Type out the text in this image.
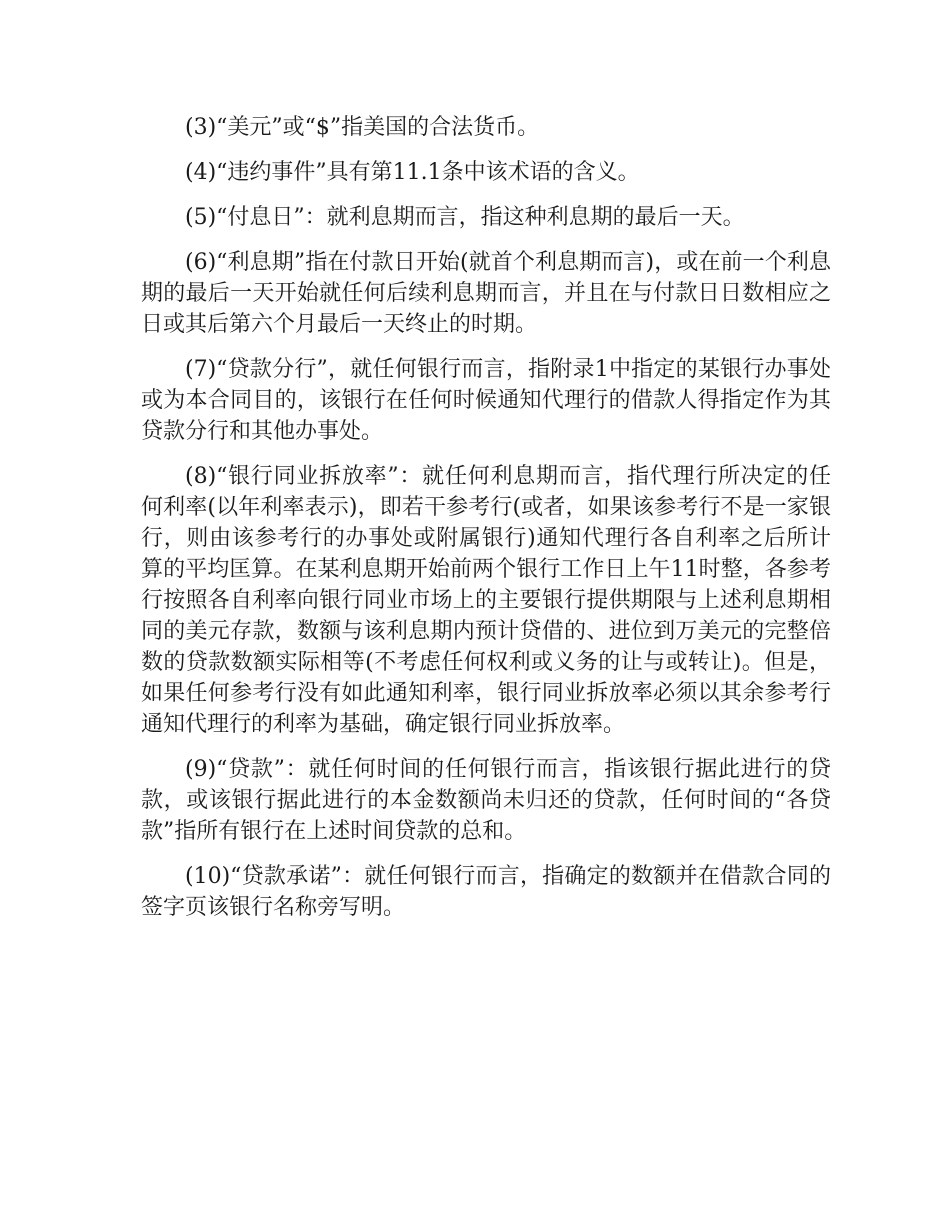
(3)“美元”或“$”指美国的合法货币。

(4)“违约事件”具有第11.1条中该术语的含义。

(5)“付息日”：就利息期而言，指这种利息期的最后一天。

(6)“利息期”指在付款日开始(就首个利息期而言)，或在前一个利息期的最后一天开始就任何后续利息期而言，并且在与付款日日数相应之日或其后第六个月最后一天终止的时期。

(7)“贷款分行”，就任何银行而言，指附录1中指定的某银行办事处或为本合同目的，该银行在任何时候通知代理行的借款人得指定作为其贷款分行和其他办事处。

(8)“银行同业拆放率”：就任何利息期而言，指代理行所决定的任何利率(以年利率表示)，即若干参考行(或者，如果该参考行不是一家银行，则由该参考行的办事处或附属银行)通知代理行各自利率之后所计算的平均匡算。在某利息期开始前两个银行工作日上午11时整，各参考行按照各自利率向银行同业市场上的主要银行提供期限与上述利息期相同的美元存款，数额与该利息期内预计贷借的、进位到万美元的完整倍数的贷款数额实际相等(不考虑任何权利或义务的让与或转让)。但是，如果任何参考行没有如此通知利率，银行同业拆放率必须以其余参考行通知代理行的利率为基础，确定银行同业拆放率。

(9)“贷款”：就任何时间的任何银行而言，指该银行据此进行的贷款，或该银行据此进行的本金数额尚未归还的贷款，任何时间的“各贷款”指所有银行在上述时间贷款的总和。

(10)“贷款承诺”：就任何银行而言，指确定的数额并在借款合同的签字页该银行名称旁写明。
